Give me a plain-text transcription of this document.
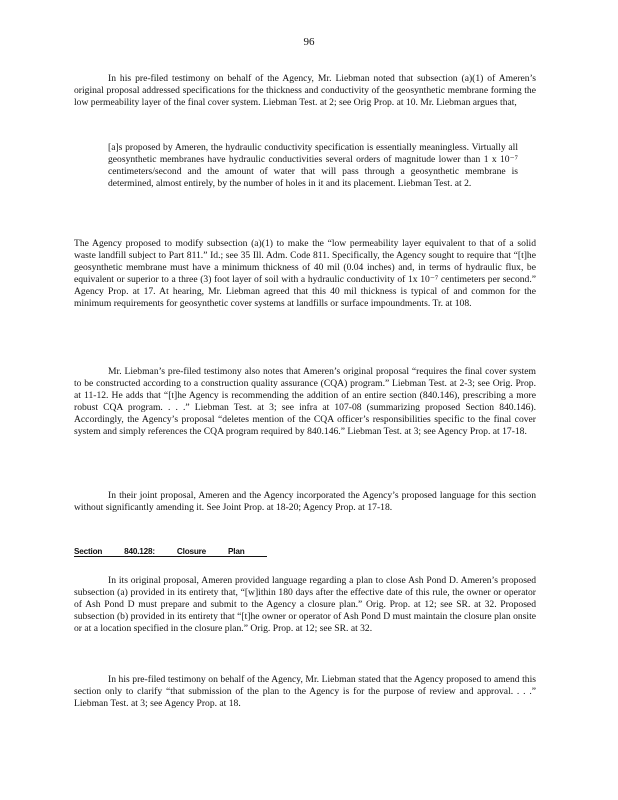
96

In his pre-filed testimony on behalf of the Agency, Mr. Liebman noted that subsection (a)(1) of Ameren’s original proposal addressed specifications for the thickness and conductivity of the geosynthetic membrane forming the low permeability layer of the final cover system. Liebman Test. at 2; see Orig Prop. at 10. Mr. Liebman argues that,

[a]s proposed by Ameren, the hydraulic conductivity specification is essentially meaningless. Virtually all geosynthetic membranes have hydraulic conductivities several orders of magnitude lower than 1 x 10⁻⁷ centimeters/second and the amount of water that will pass through a geosynthetic membrane is determined, almost entirely, by the number of holes in it and its placement. Liebman Test. at 2.

The Agency proposed to modify subsection (a)(1) to make the “low permeability layer equivalent to that of a solid waste landfill subject to Part 811.” Id.; see 35 Ill. Adm. Code 811. Specifically, the Agency sought to require that “[t]he geosynthetic membrane must have a minimum thickness of 40 mil (0.04 inches) and, in terms of hydraulic flux, be equivalent or superior to a three (3) foot layer of soil with a hydraulic conductivity of 1x 10⁻⁷ centimeters per second.” Agency Prop. at 17. At hearing, Mr. Liebman agreed that this 40 mil thickness is typical of and common for the minimum requirements for geosynthetic cover systems at landfills or surface impoundments. Tr. at 108.

Mr. Liebman’s pre-filed testimony also notes that Ameren’s original proposal “requires the final cover system to be constructed according to a construction quality assurance (CQA) program.” Liebman Test. at 2-3; see Orig. Prop. at 11-12. He adds that “[t]he Agency is recommending the addition of an entire section (840.146), prescribing a more robust CQA program. . . .” Liebman Test. at 3; see infra at 107-08 (summarizing proposed Section 840.146). Accordingly, the Agency’s proposal “deletes mention of the CQA officer’s responsibilities specific to the final cover system and simply references the CQA program required by 840.146.” Liebman Test. at 3; see Agency Prop. at 17-18.

In their joint proposal, Ameren and the Agency incorporated the Agency’s proposed language for this section without significantly amending it. See Joint Prop. at 18-20; Agency Prop. at 17-18.

Section	840.128:	Closure	Plan

In its original proposal, Ameren provided language regarding a plan to close Ash Pond D. Ameren’s proposed subsection (a) provided in its entirety that, “[w]ithin 180 days after the effective date of this rule, the owner or operator of Ash Pond D must prepare and submit to the Agency a closure plan.” Orig. Prop. at 12; see SR. at 32. Proposed subsection (b) provided in its entirety that “[t]he owner or operator of Ash Pond D must maintain the closure plan onsite or at a location specified in the closure plan.” Orig. Prop. at 12; see SR. at 32.

In his pre-filed testimony on behalf of the Agency, Mr. Liebman stated that the Agency proposed to amend this section only to clarify “that submission of the plan to the Agency is for the purpose of review and approval. . . .” Liebman Test. at 3; see Agency Prop. at 18.
